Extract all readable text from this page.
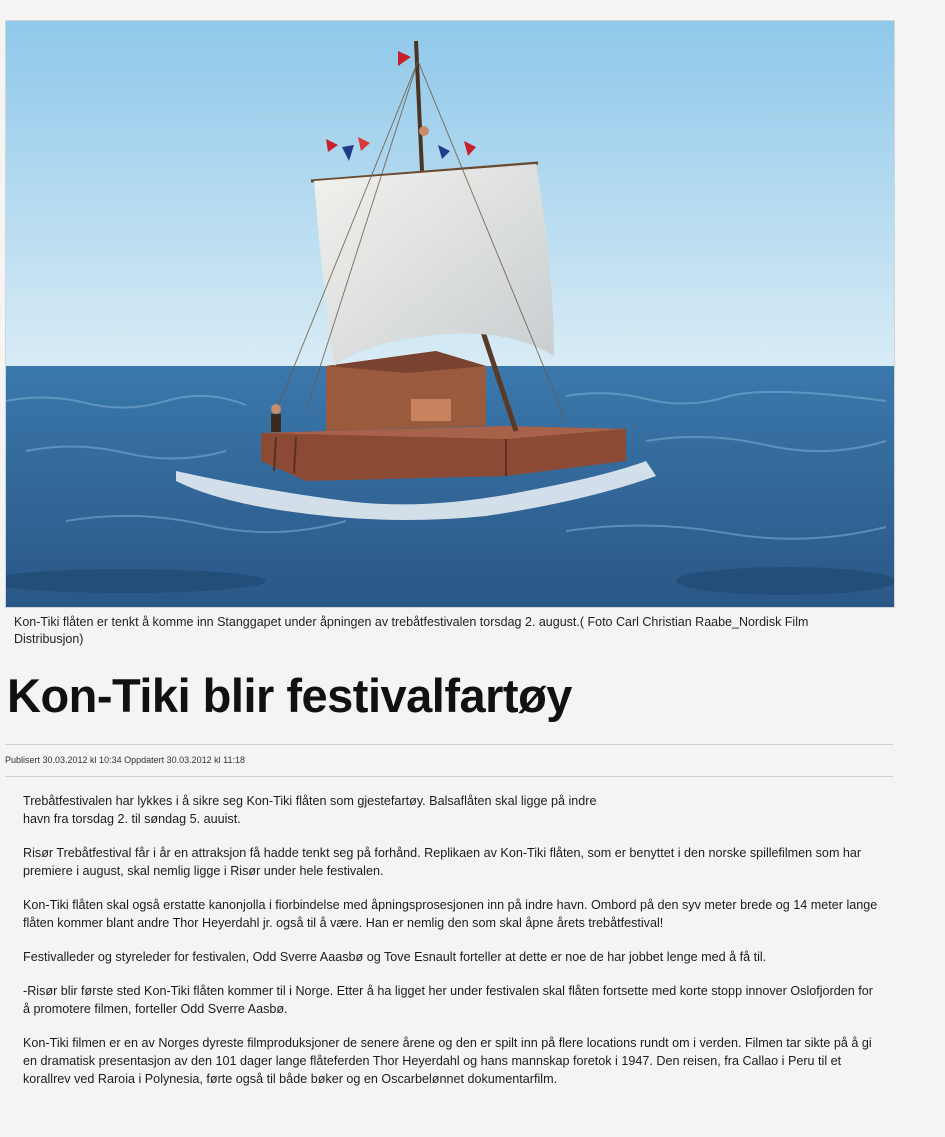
Kon-Tiki flåten er tenkt å komme inn Stanggapet under åpningen av trebåtfestivalen torsdag 2. august.( Foto Carl Christian Raabe_Nordisk Film Distribusjon)
Kon-Tiki blir festivalfartøy
Publisert 30.03.2012 kl 10:34 Oppdatert 30.03.2012 kl 11:18

Trebåtfestivalen har lykkes i å sikre seg Kon-Tiki flåten som gjestefartøy. Balsaflåten skal ligge på indre havn fra torsdag 2. til søndag 5. auuist.

Risør Trebåtfestival får i år en attraksjon få hadde tenkt seg på forhånd. Replikaen av Kon-Tiki flåten, som er benyttet i den norske spillefilmen som har premiere i august, skal nemlig ligge i Risør under hele festivalen.

Kon-Tiki flåten skal også erstatte kanonjolla i fiorbindelse med åpningsprosesjonen inn på indre havn. Ombord på den syv meter brede og 14 meter lange flåten kommer blant andre Thor Heyerdahl jr. også til å være. Han er nemlig den som skal åpne årets trebåtfestival!

Festivalleder og styreleder for festivalen, Odd Sverre Aaasbø og Tove Esnault forteller at dette er noe de har jobbet lenge med å få til.

-Risør blir første sted Kon-Tiki flåten kommer til i Norge. Etter å ha ligget her under festivalen skal flåten fortsette med korte stopp innover Oslofjorden for å promotere filmen, forteller Odd Sverre Aasbø.

Kon-Tiki filmen er en av Norges dyreste filmproduksjoner de senere årene og den er spilt inn på flere locations rundt om i verden. Filmen tar sikte på å gi en dramatisk presentasjon av den 101 dager lange flåteferden Thor Heyerdahl og hans mannskap foretok i 1947. Den reisen, fra Callao i Peru til et korallrev ved Raroia i Polynesia, førte også til både bøker og en Oscarbelønnet dokumentarfilm.
